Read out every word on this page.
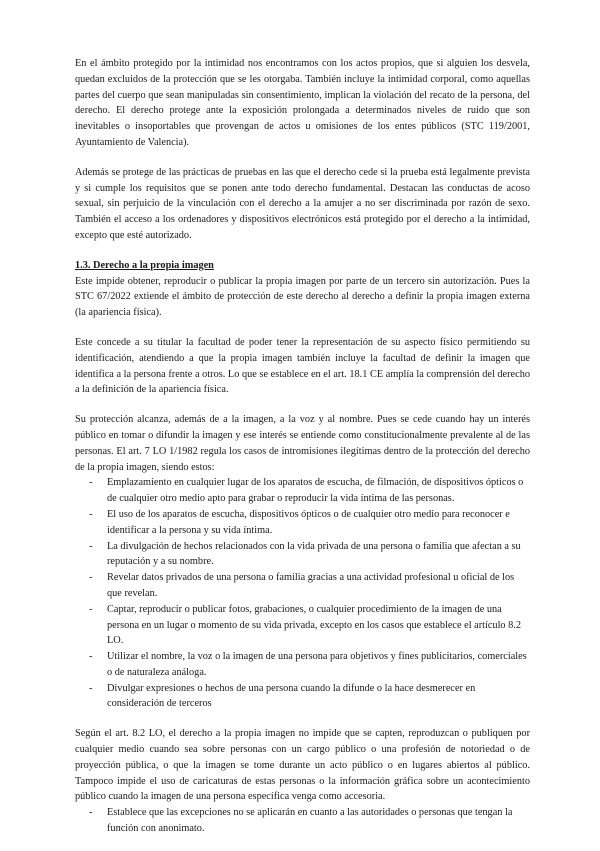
En el ámbito protegido por la intimidad nos encontramos con los actos propios, que si alguien los desvela, quedan excluidos de la protección que se les otorgaba. También incluye la intimidad corporal, como aquellas partes del cuerpo que sean manipuladas sin consentimiento, implican la violación del recato de la persona, del derecho. El derecho protege ante la exposición prolongada a determinados niveles de ruido que son inevitables o insoportables que provengan de actos u omisiones de los entes públicos (STC 119/2001, Ayuntamiento de Valencia).

Además se protege de las prácticas de pruebas en las que el derecho cede si la prueba está legalmente prevista y si cumple los requisitos que se ponen ante todo derecho fundamental. Destacan las conductas de acoso sexual, sin perjuicio de la vinculación con el derecho a la amujer a no ser discriminada por razón de sexo. También el acceso a los ordenadores y dispositivos electrónicos está protegido por el derecho a la intimidad, excepto que esté autorizado.

1.3. Derecho a la propia imagen

Este impide obtener, reproducir o publicar la propia imagen por parte de un tercero sin autorización. Pues la STC 67/2022 extiende el ámbito de protección de este derecho al derecho a definir la propia imagen externa (la apariencia física).

Este concede a su titular la facultad de poder tener la representación de su aspecto físico permitiendo su identificación, atendiendo a que la propia imagen también incluye la facultad de definir la imagen que identifica a la persona frente a otros. Lo que se establece en el art. 18.1 CE amplía la comprensión del derecho a la definición de la apariencia física.

Su protección alcanza, además de a la imagen, a la voz y al nombre. Pues se cede cuando hay un interés público en tomar o difundir la imagen y ese interés se entiende como constitucionalmente prevalente al de las personas. El art. 7 LO 1/1982 regula los casos de intromisiones ilegítimas dentro de la protección del derecho de la propia imagen, siendo estos:

- Emplazamiento en cualquier lugar de los aparatos de escucha, de filmación, de dispositivos ópticos o de cualquier otro medio apto para grabar o reproducir la vida íntima de las personas.
- El uso de los aparatos de escucha, dispositivos ópticos o de cualquier otro medio para reconocer e identificar a la persona y su vida íntima.
- La divulgación de hechos relacionados con la vida privada de una persona o familia que afectan a su reputación y a su nombre.
- Revelar datos privados de una persona o familia gracias a una actividad profesional u oficial de los que revelan.
- Captar, reproducir o publicar fotos, grabaciones, o cualquier procedimiento de la imagen de una persona en un lugar o momento de su vida privada, excepto en los casos que establece el artículo 8.2 LO.
- Utilizar el nombre, la voz o la imagen de una persona para objetivos y fines publicitarios, comerciales o de naturaleza análoga.
- Divulgar expresiones o hechos de una persona cuando la difunde o la hace desmerecer en consideración de terceros

Según el art. 8.2 LO, el derecho a la propia imagen no impide que se capten, reproduzcan o publiquen por cualquier medio cuando sea sobre personas con un cargo público o una profesión de notoriedad o de proyección pública, o que la imagen se tome durante un acto público o en lugares abiertos al público. Tampoco impide el uso de caricaturas de estas personas o la información gráfica sobre un acontecimiento público cuando la imagen de una persona específica venga como accesoria.

- Establece que las excepciones no se aplicarán en cuanto a las autoridades o personas que tengan la función con anonimato.
